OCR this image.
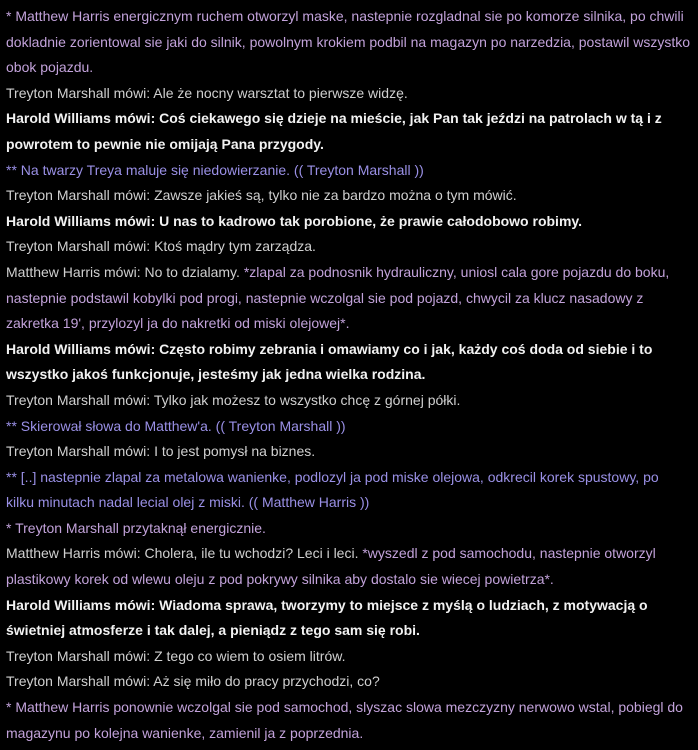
* Matthew Harris energicznym ruchem otworzyl maske, nastepnie rozgladnal sie po komorze silnika, po chwili dokladnie zorientowal sie jaki do silnik, powolnym krokiem podbil na magazyn po narzedzia, postawil wszystko obok pojazdu.

Treyton Marshall mówi: Ale że nocny warsztat to pierwsze widzę.

Harold Williams mówi: Coś ciekawego się dzieje na mieście, jak Pan tak jeździ na patrolach w tą i z powrotem to pewnie nie omijają Pana przygody.

** Na twarzy Treya maluje się niedowierzanie. (( Treyton Marshall ))

Treyton Marshall mówi: Zawsze jakieś są, tylko nie za bardzo można o tym mówić.

Harold Williams mówi: U nas to kadrowo tak porobione, że prawie całodobowo robimy.

Treyton Marshall mówi: Ktoś mądry tym zarządza.

Matthew Harris mówi: No to dzialamy. *zlapal za podnosnik hydrauliczny, uniosl cala gore pojazdu do boku, nastepnie podstawil kobylki pod progi, nastepnie wczolgal sie pod pojazd, chwycil za klucz nasadowy z zakretka 19', przylozyl ja do nakretki od miski olejowej*.

Harold Williams mówi: Często robimy zebrania i omawiamy co i jak, każdy coś doda od siebie i to wszystko jakoś funkcjonuje, jesteśmy jak jedna wielka rodzina.

Treyton Marshall mówi: Tylko jak możesz to wszystko chcę z górnej półki.

** Skierował słowa do Matthew'a. (( Treyton Marshall ))

Treyton Marshall mówi: I to jest pomysł na biznes.

** [..] nastepnie zlapal za metalowa wanienke, podlozyl ja pod miske olejowa, odkrecil korek spustowy, po kilku minutach nadal lecial olej z miski. (( Matthew Harris ))

* Treyton Marshall przytaknął energicznie.

Matthew Harris mówi: Cholera, ile tu wchodzi? Leci i leci. *wyszedl z pod samochodu, nastepnie otworzyl plastikowy korek od wlewu oleju z pod pokrywy silnika aby dostalo sie wiecej powietrza*.

Harold Williams mówi: Wiadoma sprawa, tworzymy to miejsce z myślą o ludziach, z motywacją o świetniej atmosferze i tak dalej, a pieniądz z tego sam się robi.

Treyton Marshall mówi: Z tego co wiem to osiem litrów.

Treyton Marshall mówi: Aż się miło do pracy przychodzi, co?

* Matthew Harris ponownie wczolgal sie pod samochod, slyszac slowa mezczyzny nerwowo wstal, pobiegl do magazynu po kolejna wanienke, zamienil ja z poprzednia.
